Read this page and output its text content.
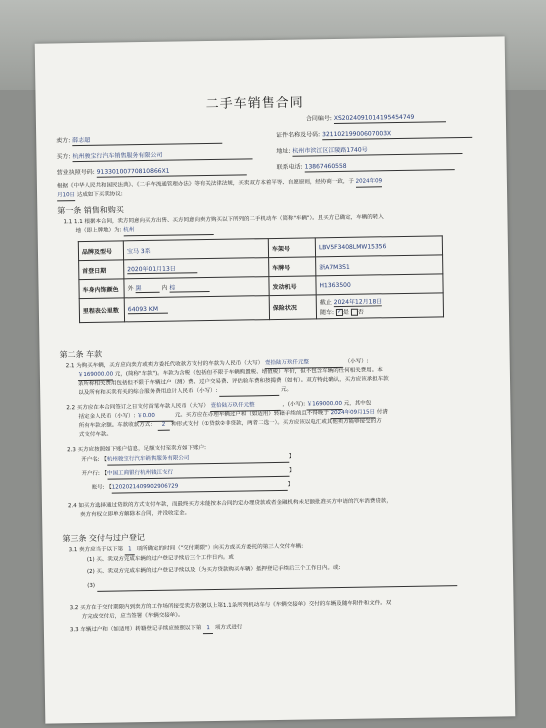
二手车销售合同
合同编号: XS2024091014195454749
卖方: 薛志超
证件名称及号码: 32110219900607003X
买方: 杭州骏宝行汽车销售服务有限公司
地址: 杭州市滨江区江陵路1740号
营业执照号码: 91330100770810866X1
联系电话: 13867460558
根据《中华人民共和国民法典》、《二手车流通管理办法》等有关法律法规，买卖双方本着平等、自愿原则，经协商一致，于 2024年09
月10日 达成如下买卖协议:
第一条 销售和购买
1.1 1.1 根据本合同，卖方同意向买方出售、买方同意向卖方购买以下所列的二手机动车（简称"车辆"）。且买方已确定，车辆的转入
地（即上牌地）为: 杭州
品牌及型号	宝马 3系	车架号	LBV5F3408LMW15356
首登日期	2020年01月13日	车牌号	浙A7M3S1
车身内饰颜色	外 黑 内 棕	发动机号	H1363500
里程表公里数	64093 KM	保险状况	截止 2024年12月18日
随车: ✓是 否
第二条 车款
2.1 为购买车辆，买方应向卖方或卖方委托代收款方支付的车款为人民币（大写） 壹拾陆万玖仟元整	（小写）:
￥169000.00 元，(简称"车款")。车款为含税（包括但不限于车辆购置税、增值税）车价，但不包含车辆的任何相关费用。本
条所称相关费用包括但不限于车辆过户（测）费、过户交易费、评估验车费和按揭费（如有）。双方特此确认，买方应该承担车款
以及所有和买卖有关的综合服务费用总计人民币（小写）:	元。
2.2 买方应在本合同签订之日支付首笔车款人民币（大写） 壹拾陆万玖仟元整	，(小写): ￥169000.00 元，其中包
括定金人民币（小写）: ￥0.00	元。买方应在办理车辆过户和（如适用）转籍手续前且不得晚于 2024年09月15日 付清
所有车款余额。车款收款方式： 2 种形式支付（①贷款②非贷款，两者二选一）。买方应该以电汇或其他卖方能够接受的方
式支付车款。
2.3 买方应按照如下账户信息，足额支付至卖方如下账户:
开户名: 【杭州骏宝行汽车销售服务有限公司	】
开户行: 【中国工商银行杭州钱江支行	】
账号: 【1202021409902906729	】
2.4 如买方选择通过贷款的方式支付车款，而最终买方未能按本合同约定办理贷款或者金融机构未足额批准买方申请的汽车消费贷款，
卖方有权立即单方解除本合同，并没收定金。
第三条 交付与过户登记
3.1 卖方应当于以下第 1 项所确定的时间（"交付期限"）向买方或买方委托的第三人交付车辆:
(1) 买、卖双方完成车辆的过户登记手续后三个工作日内。或
(2) 买、卖双方完成车辆的过户登记手续以及（为买方贷款购买车辆）抵押登记手续后三个工作日内。或:
(3)
3.2 买方在于交付期限内到卖方的工作场所接受卖方依据以上第1.1条所列机动车与《车辆交接单》交付的车辆及随车附件和文件。双
方完成交付后，应当签署《车辆交接单》。
3.3 车辆过户和（如适用）转籍登记手续应按照以下第 1 项方式进行
